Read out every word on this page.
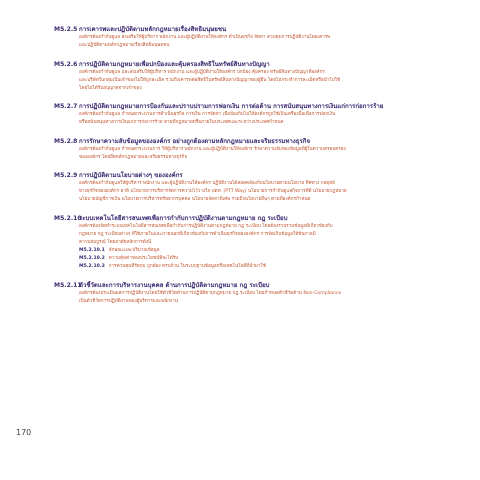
M5.2.5 การเคารพและปฏิบัติตามหลักกฎหมายเรื่องสิทธิมนุษยชน

องค์กรต้องกำกับดูแล ส่งเสริมให้ผู้บริหาร พนักงาน และผู้ปฏิบัติงานให้องค์กร ดำเนินธุรกิจ จัดหา ควบคุมการปฏิบัติงานโดยเคารพ

และปฏิบัติตามหลักกฎหมายเรื่องสิทธิมนุษยชน

M5.2.6 การปฏิบัติตามกฎหมายเพื่อปกป้องและคุ้มครองสิทธิในทรัพย์สินทางปัญญา

องค์กรต้องกำกับดูแล และส่งเสริมให้ผู้บริหาร พนักงาน และผู้ปฏิบัติงานให้องค์กร ปกป้อง คุ้มครอง ทรัพย์สินทางปัญญาที่องค์กร

และบริษัทในกลุ่มเป็นเจ้าของไม่ให้ถูกละเมิด รวมถึงเคารพต่อสิทธิในทรัพย์สินทางปัญญาของผู้อื่น โดยไม่กระทำการละเมิดหรือนำไปใช้

โดยไม่ได้รับอนุญาตจากเจ้าของ

M5.2.7 การปฏิบัติตามกฎหมายการป้องกันและปราบปรามการฟอกเงิน การต่อต้าน การสนับสนุนทางการเงินแก่การก่อการร้าย

องค์กรต้องกำกับดูแล กำหนดกระบวนการดำเนินธุรกิจ การเงิน การจัดหา เพื่อป้องกันไม่ให้องค์กรถูกใช้เป็นเครื่องมือเพื่อการฟอกเงิน

หรือสนับสนุนทางการเงินแก่การก่อการร้าย ตามที่กฎหมายหรือภายในประเทศและระหว่างประเทศกำหนด

M5.2.8 การรักษาความลับข้อมูลขององค์กร อย่างถูกต้องตามหลักกฎหมายและจริยธรรมทางธุรกิจ

องค์กรต้องกำกับดูแล กำหนดกระบวนการ ให้ผู้บริหาร พนักงาน และผู้ปฏิบัติงานให้องค์กร รักษาความลับของข้อมูลที่ผู้ในความครอบครอง

ขององค์กร โดยยึดหลักกฎหมายและจริยธรรมทางธุรกิจ

M5.2.9 การปฏิบัติตามนโยบายต่างๆ ขององค์กร

องค์กรต้องกำกับดูแลให้ผู้บริหาร พนักงาน และผู้ปฏิบัติงานให้องค์กร ปฏิบัติงานได้สอดคล้องกับนโยบายตามนโยบาย ทิศทาง กลยุทธ์

ทางธุรกิจขององค์กร อาทิ นโยบายการบริหารจัดการความไว้วางใจ ปตท. (PTT Way) นโยบายการกำกับดูแลกิจการที่ดี นโยบายกฎหมาย

นโยบายบัญชีการเงิน นโยบายการบริหารทรัพยากรบุคคล นโยบายจัดหาพิเศษ รวมถึงนโยบายอื่นๆ ตามที่องค์กรกำหนด

M5.2.10
ระบบเทคโนโลยีสารสนเทศเพื่อการกำกับการปฏิบัติงานตามกฎหมาย กฎ ระเบียบ

องค์กรต้องจัดทำระบบเทคโนโลยีสารสนเทศเพื่อกำกับการปฏิบัติงานตามกฎหมาย กฎ ระเบียบ โดยต้องรวบรวมข้อมูลที่เกี่ยวข้องกับ

กฎหมาย กฎ ระเบียบต่างๆ ที่ใช้ภายในและภายนอกที่เกี่ยวข้องกับการดำเนินธุรกิจขององค์กร การจัดเก็บข้อมูลให้ทันกาลมี

ความสมบูรณ์ โดยอาศัยหลักการดังนี้

M5.2.10.1 ลักษณะและปริมาณข้อมูล
M5.2.10.2 ความคุ้มค่าของประโยชน์ที่จะได้รับ
M5.2.10.3 การควบคุมที่รัดกุม ถูกต้อง ครบถ้วน ในระบบฐานข้อมูลหรือเทคโนโลยีที่นำมาใช้
M5.2.11
ตัวชี้วัดและการบริหารงานบุคคล ด้านการปฏิบัติตามกฎหมาย กฎ ระเบียบ

องค์กรต้องประเมินผลการปฏิบัติงานโดยใช้ตัวชี้วัดด้านการปฏิบัติตามกฎหมาย กฎ ระเบียบ โดยกำหนดตัวชี้วัดด้าน Non-Compliance

เป็นตัวชี้วัดการปฏิบัติงานของผู้บริหารและพนักงาน

170
